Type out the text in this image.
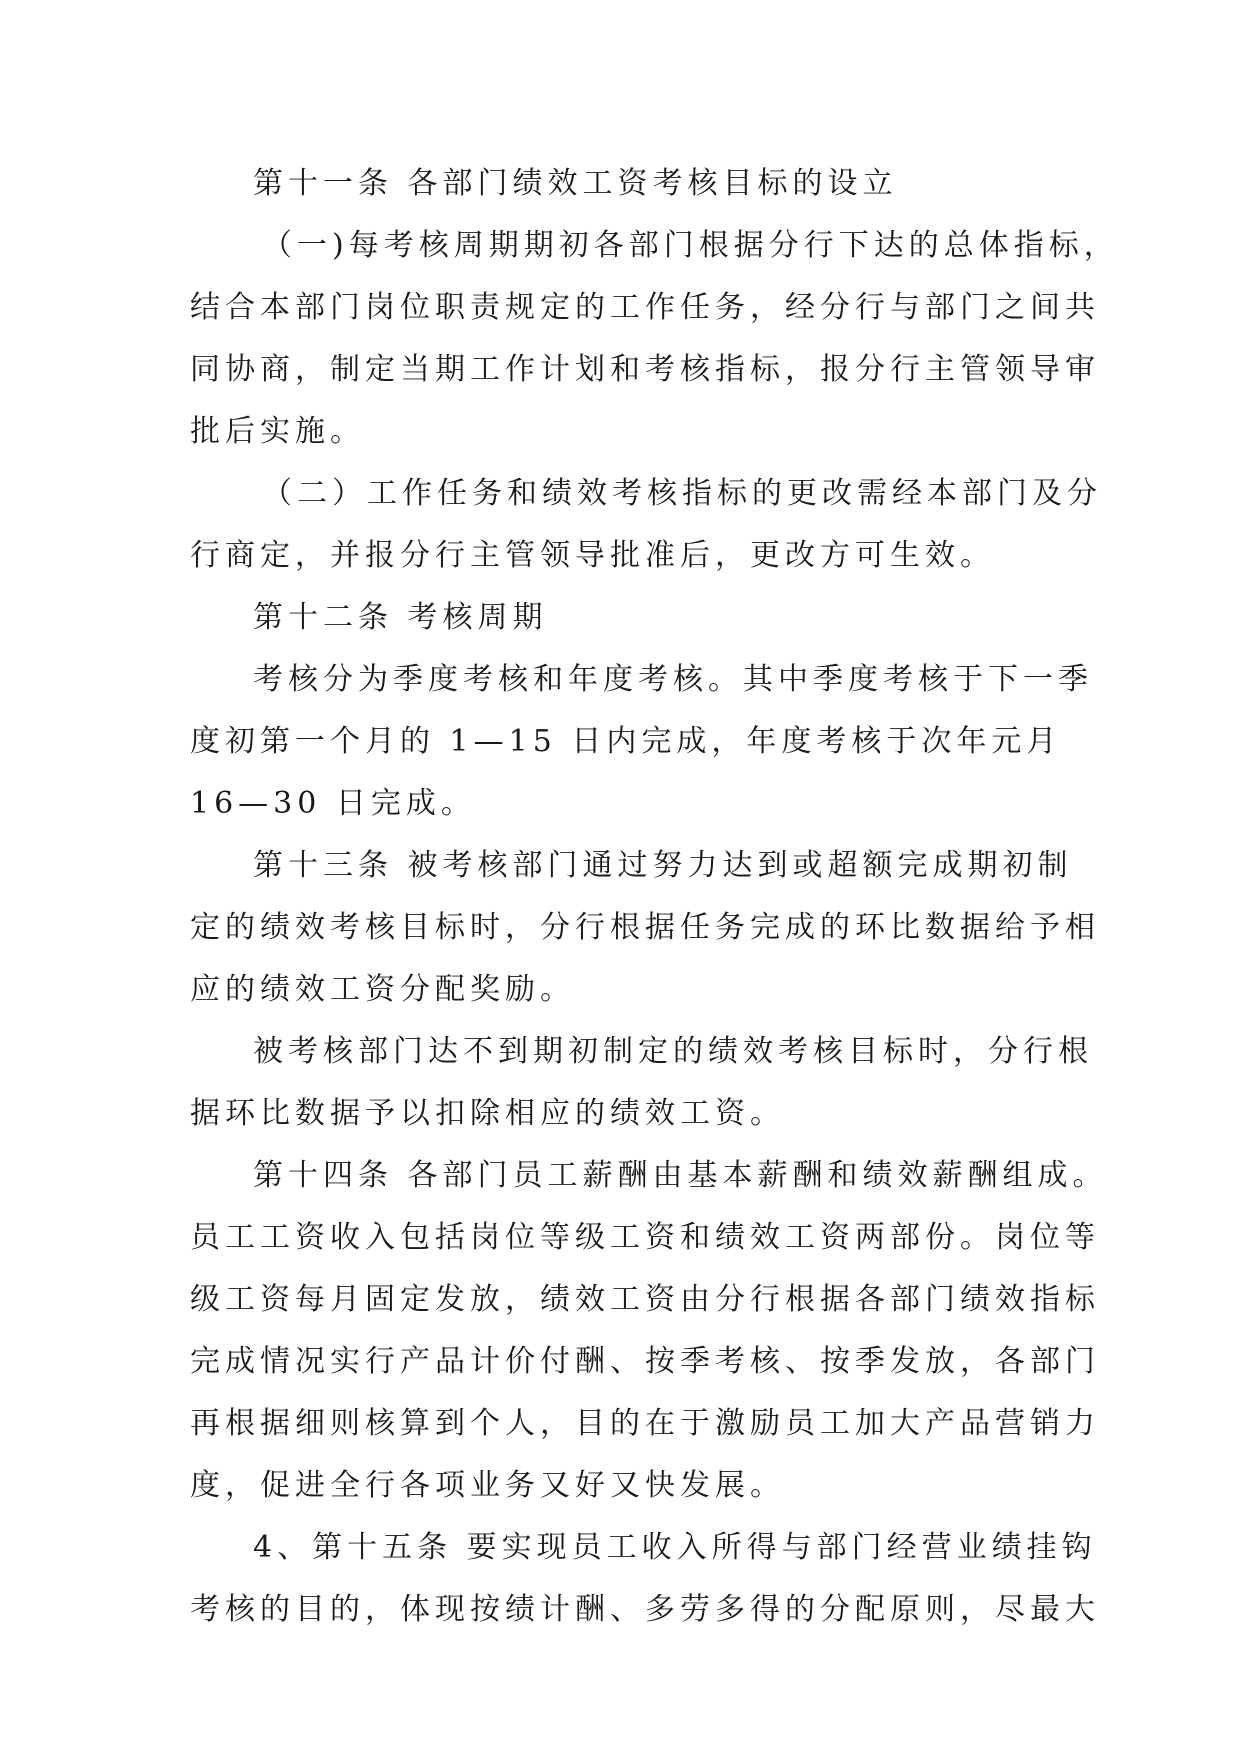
第十一条 各部门绩效工资考核目标的设立
（一)每考核周期期初各部门根据分行下达的总体指标，
结合本部门岗位职责规定的工作任务，经分行与部门之间共
同协商，制定当期工作计划和考核指标，报分行主管领导审
批后实施。
（二）工作任务和绩效考核指标的更改需经本部门及分
行商定，并报分行主管领导批准后，更改方可生效。
第十二条 考核周期
考核分为季度考核和年度考核。其中季度考核于下一季
度初第一个月的 1—15 日内完成，年度考核于次年元月
16—30 日完成。
第十三条 被考核部门通过努力达到或超额完成期初制
定的绩效考核目标时，分行根据任务完成的环比数据给予相
应的绩效工资分配奖励。
被考核部门达不到期初制定的绩效考核目标时，分行根
据环比数据予以扣除相应的绩效工资。
第十四条 各部门员工薪酬由基本薪酬和绩效薪酬组成。
员工工资收入包括岗位等级工资和绩效工资两部份。岗位等
级工资每月固定发放，绩效工资由分行根据各部门绩效指标
完成情况实行产品计价付酬、按季考核、按季发放，各部门
再根据细则核算到个人，目的在于激励员工加大产品营销力
度，促进全行各项业务又好又快发展。
4、第十五条 要实现员工收入所得与部门经营业绩挂钩
考核的目的，体现按绩计酬、多劳多得的分配原则，尽最大
